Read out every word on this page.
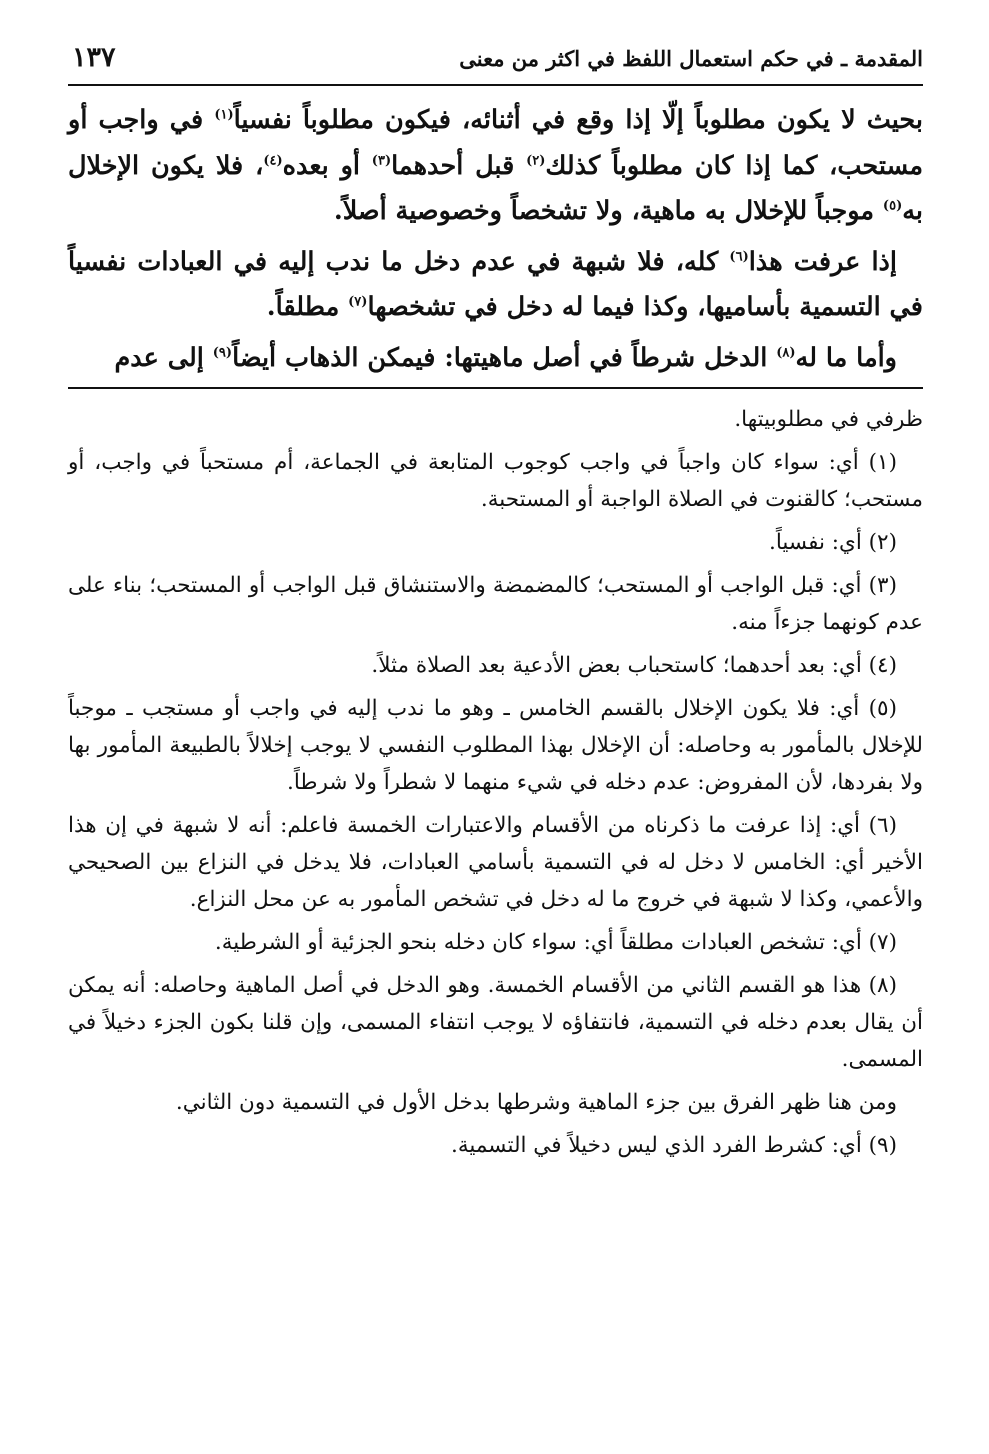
المقدمة ـ في حكم استعمال اللفظ في اكثر من معنى
١٣٧

بحيث لا يكون مطلوباً إلّا إذا وقع في أثنائه، فيكون مطلوباً نفسياً$^{(١)}$ في واجب أو مستحب، كما إذا كان مطلوباً كذلك$^{(٢)}$ قبل أحدهما$^{(٣)}$ أو بعده$^{(٤)}$، فلا يكون الإخلال به$^{(٥)}$ موجباً للإخلال به ماهية، ولا تشخصاً وخصوصية أصلاً.

إذا عرفت هذا$^{(٦)}$ كله، فلا شبهة في عدم دخل ما ندب إليه في العبادات نفسياً في التسمية بأساميها، وكذا فيما له دخل في تشخصها$^{(٧)}$ مطلقاً.

وأما ما له$^{(٨)}$ الدخل شرطاً في أصل ماهيتها: فيمكن الذهاب أيضاً$^{(٩)}$ إلى عدم

ظرفي في مطلوبيتها.

(١) أي: سواء كان واجباً في واجب كوجوب المتابعة في الجماعة، أم مستحباً في واجب، أو مستحب؛ كالقنوت في الصلاة الواجبة أو المستحبة.

(٢) أي: نفسياً.

(٣) أي: قبل الواجب أو المستحب؛ كالمضمضة والاستنشاق قبل الواجب أو المستحب؛ بناء على عدم كونهما جزءاً منه.

(٤) أي: بعد أحدهما؛ كاستحباب بعض الأدعية بعد الصلاة مثلاً.

(٥) أي: فلا يكون الإخلال بالقسم الخامس ـ وهو ما ندب إليه في واجب أو مستجب ـ موجباً للإخلال بالمأمور به وحاصله: أن الإخلال بهذا المطلوب النفسي لا يوجب إخلالاً بالطبيعة المأمور بها ولا بفردها، لأن المفروض: عدم دخله في شيء منهما لا شطراً ولا شرطاً.

(٦) أي: إذا عرفت ما ذكرناه من الأقسام والاعتبارات الخمسة فاعلم: أنه لا شبهة في إن هذا الأخير أي: الخامس لا دخل له في التسمية بأسامي العبادات، فلا يدخل في النزاع بين الصحيحي والأعمي، وكذا لا شبهة في خروج ما له دخل في تشخص المأمور به عن محل النزاع.

(٧) أي: تشخص العبادات مطلقاً أي: سواء كان دخله بنحو الجزئية أو الشرطية.

(٨) هذا هو القسم الثاني من الأقسام الخمسة. وهو الدخل في أصل الماهية وحاصله: أنه يمكن أن يقال بعدم دخله في التسمية، فانتفاؤه لا يوجب انتفاء المسمى، وإن قلنا بكون الجزء دخيلاً في المسمى.

ومن هنا ظهر الفرق بين جزء الماهية وشرطها بدخل الأول في التسمية دون الثاني.

(٩) أي: كشرط الفرد الذي ليس دخيلاً في التسمية.
